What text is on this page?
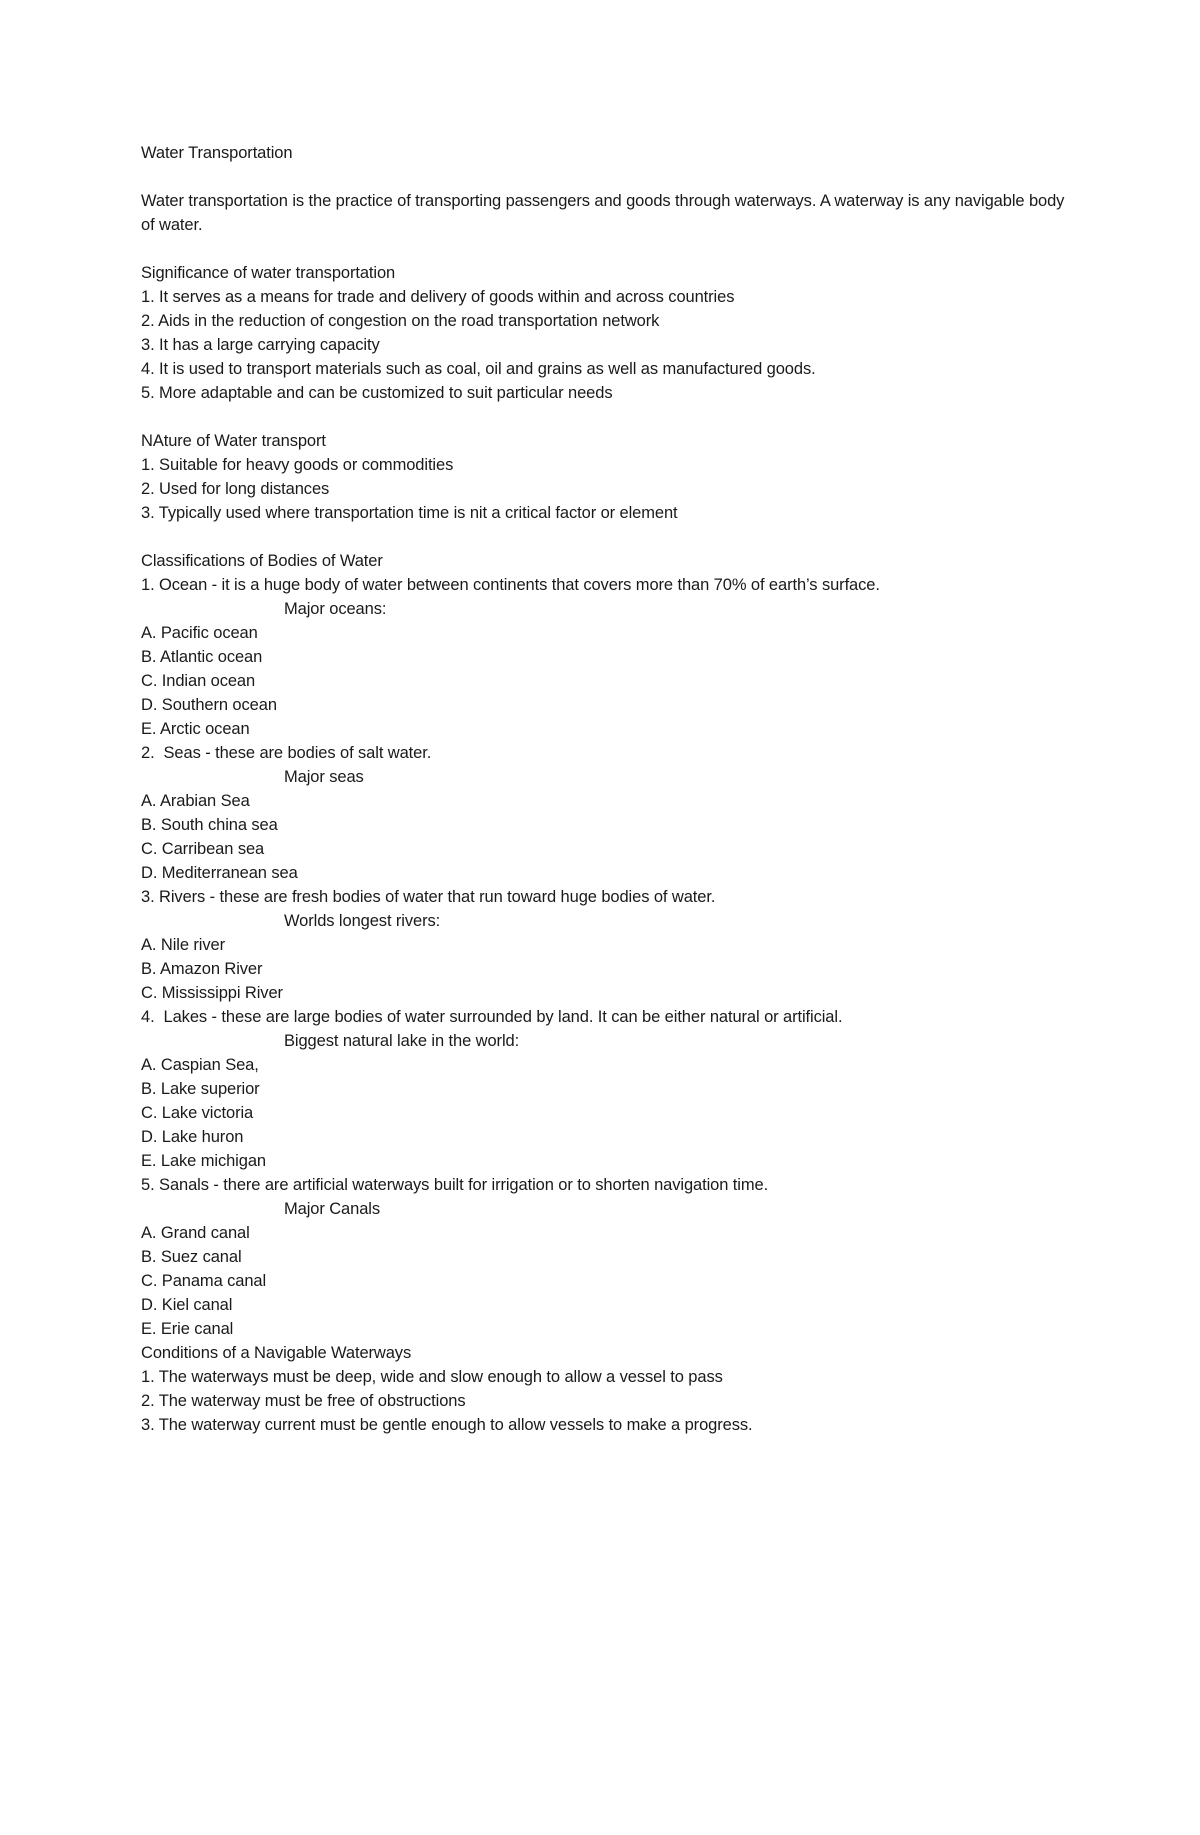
Water Transportation
Water transportation is the practice of transporting passengers and goods through waterways. A waterway is any navigable body of water.
Significance of water transportation
1. It serves as a means for trade and delivery of goods within and across countries
2. Aids in the reduction of congestion on the road transportation network
3. It has a large carrying capacity
4. It is used to transport materials such as coal, oil and grains as well as manufactured goods.
5. More adaptable and can be customized to suit particular needs
NAture of Water transport
1. Suitable for heavy goods or commodities
2. Used for long distances
3. Typically used where transportation time is nit a critical factor or element
Classifications of Bodies of Water
1. Ocean - it is a huge body of water between continents that covers more than 70% of earth’s surface.
Major oceans:
A. Pacific ocean
B. Atlantic ocean
C. Indian ocean
D. Southern ocean
E. Arctic ocean
2.  Seas - these are bodies of salt water.
Major seas
A. Arabian Sea
B. South china sea
C. Carribean sea
D. Mediterranean sea
3. Rivers - these are fresh bodies of water that run toward huge bodies of water.
Worlds longest rivers:
A. Nile river
B. Amazon River
C. Mississippi River
4.  Lakes - these are large bodies of water surrounded by land. It can be either natural or artificial.
Biggest natural lake in the world:
A. Caspian Sea,
B. Lake superior
C. Lake victoria
D. Lake huron
E. Lake michigan
5. Sanals - there are artificial waterways built for irrigation or to shorten navigation time.
Major Canals
A. Grand canal
B. Suez canal
C. Panama canal
D. Kiel canal
E. Erie canal
Conditions of a Navigable Waterways
1. The waterways must be deep, wide and slow enough to allow a vessel to pass
2. The waterway must be free of obstructions
3. The waterway current must be gentle enough to allow vessels to make a progress.
